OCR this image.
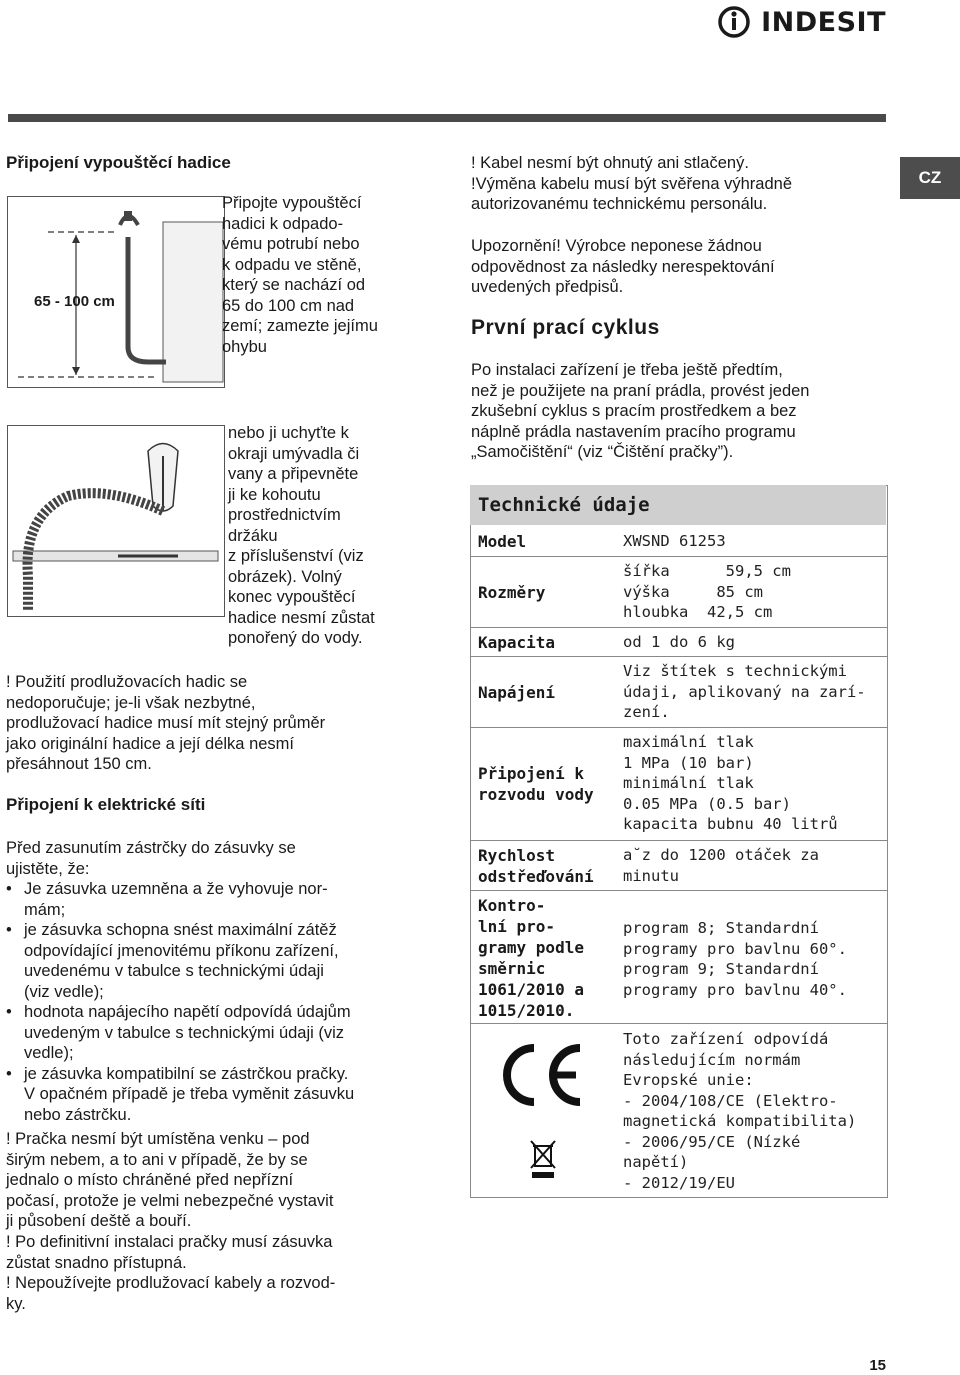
INDESIT
CZ
Připojení vypouštěcí hadice
65 - 100 cm
Připojte vypouštěcí
hadici k odpado-
vému potrubí nebo
k odpadu ve stěně,
který se nachází od
65 do 100 cm nad
zemí; zamezte jejímu
ohybu
nebo ji uchyťte k
okraji umývadla či
vany a připevněte
ji ke kohoutu
prostřednictvím
držáku
z příslušenství (viz
obrázek). Volný
konec vypouštěcí
hadice nesmí zůstat
ponořený do vody.
! Použití prodlužovacích hadic se
nedoporučuje; je-li však nezbytné,
prodlužovací hadice musí mít stejný průměr
jako originální hadice a její délka nesmí
přesáhnout 150 cm.
Připojení k elektrické síti
Před zasunutím zástrčky do zásuvky se
ujistěte, že:
• Je zásuvka uzemněna a že vyhovuje nor-
mám;
• je zásuvka schopna snést maximální zátěž
odpovídající jmenovitému příkonu zařízení,
uvedenému v tabulce s technickými údaji
(viz vedle);
• hodnota napájecího napětí odpovídá údajům
uvedeným v tabulce s technickými údaji (viz
vedle);
• je zásuvka kompatibilní se zástrčkou pračky.
V opačném případě je třeba vyměnit zásuvku
nebo zástrčku.
! Pračka nesmí být umístěna venku – pod
širým nebem, a to ani v případě, že by se
jednalo o místo chráněné před nepřízní
počasí, protože je velmi nebezpečné vystavit
ji působení deště a bouří.
! Po definitivní instalaci pračky musí zásuvka
zůstat snadno přístupná.
! Nepoužívejte prodlužovací kabely a rozvod-
ky.
! Kabel nesmí být ohnutý ani stlačený.
!Výměna kabelu musí být svěřena výhradně
autorizovanému technickému personálu.
Upozornění! Výrobce neponese žádnou
odpovědnost za následky nerespektování
uvedených předpisů.
První prací cyklus
Po instalaci zařízení je třeba ještě předtím,
než je použijete na praní prádla, provést jeden
zkušební cyklus s pracím prostředkem a bez
náplně prádla nastavením pracího programu
„Samočištění“ (viz “Čištění pračky”).
Technické údaje
Model	XWSND 61253
Rozměry
šířka      59,5 cm
výška     85 cm
hloubka  42,5 cm
Kapacita	od 1 do 6 kg
Napájení
Viz štítek s technickými
údaji, aplikovaný na zarí-
zení.
Připojení k
rozvodu vody
maximální tlak
1 MPa (10 bar)
minimální tlak
0.05 MPa (0.5 bar)
kapacita bubnu 40 litrů
Rychlost
odstřeďování
a˘z do 1200 otáček za
minutu
Kontro-
lní pro-
gramy podle
směrnic
1061/2010 a
1015/2010.
program 8; Standardní
programy pro bavlnu 60°.
program 9; Standardní
programy pro bavlnu 40°.
Toto zařízení odpovídá
následujícím normám
Evropské unie:
- 2004/108/CE (Elektro-
magnetická kompatibilita)
- 2006/95/CE (Nízké
napětí)
- 2012/19/EU
15
